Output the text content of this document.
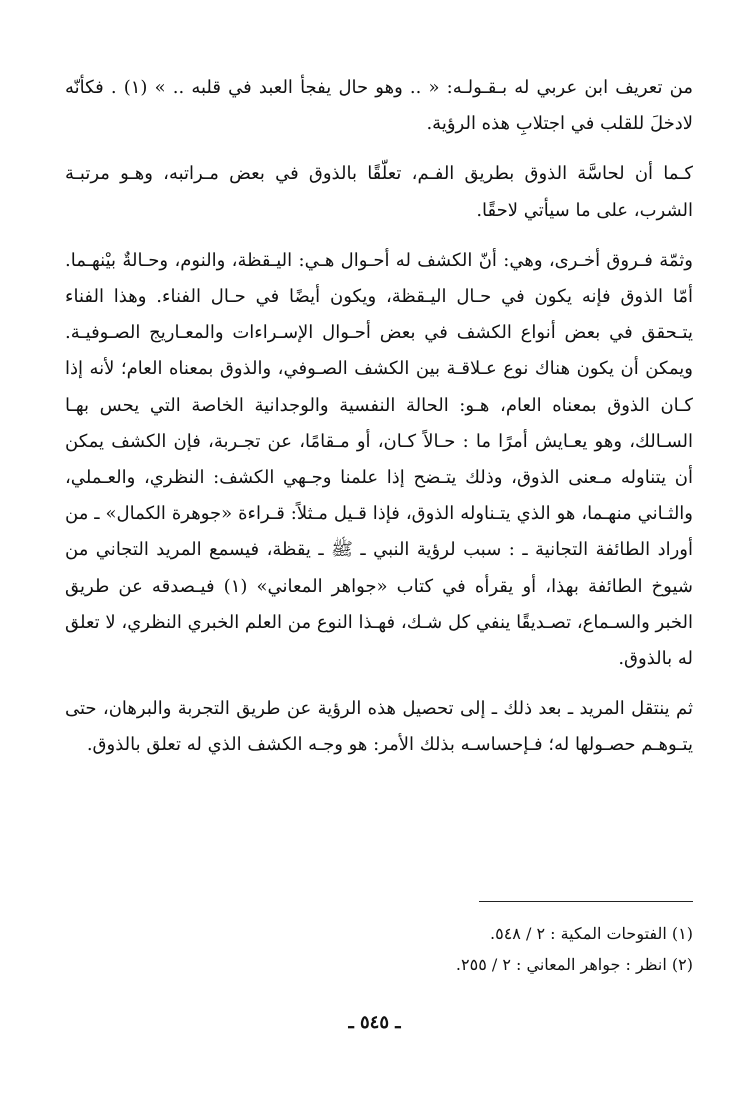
من تعريف ابن عربي له بـقـولـه: « .. وهو حال يفجأ العبد في قلبه .. » (١) . فكأنّه لادخلَ للقلب في اجتلابِ هذه الرؤية.

كـما أن لحاسَّة الذوق بطريق الفـم، تعلّقًا بالذوق في بعض مـراتبه، وهـو مرتبـة الشرب، على ما سيأتي لاحقًا.

وثمّة فـروق أخـرى، وهي: أنّ الكشف له أحـوال هـي: اليـقظة، والنوم، وحـالةٌ بيْنهـما. أمّا الذوق فإنه يكون في حـال اليـقظة، ويكون أيضًا في حـال الفناء. وهذا الفناء يتـحقق في بعض أنواع الكشف في بعض أحـوال الإسـراءات والمعـاريج الصـوفيـة. ويمكن أن يكون هناك نوع عـلاقـة بين الكشف الصـوفي، والذوق بمعناه العام؛ لأنه إذا كـان الذوق بمعناه العام، هـو: الحالة النفسية والوجدانية الخاصة التي يحس بهـا السـالك، وهو يعـايش أمرًا ما : حـالاً كـان، أو مـقامًا، عن تجـربة، فإن الكشف يمكن أن يتناوله مـعنى الذوق، وذلك يتـضح إذا علمنا وجـهي الكشف: النظري، والعـملي، والثـاني منهـما، هو الذي يتـناوله الذوق، فإذا قـيل مـثلاً: قـراءة «جوهرة الكمال» ـ من أوراد الطائفة التجانية ـ : سبب لرؤية النبي ـ ﷺ ـ يقظة، فيسمع المريد التجاني من شيوخ الطائفة بهذا، أو يقرأه في كتاب «جواهر المعاني» (١) فيـصدقه عن طريق الخبر والسـماع، تصـديقًا ينفي كل شـك، فهـذا النوع من العلم الخبري النظري، لا تعلق له بالذوق.

ثم ينتقل المريد ـ بعد ذلك ـ إلى تحصيل هذه الرؤية عن طريق التجربة والبرهان، حتى يتـوهـم حصـولها له؛ فـإحساسـه بذلك الأمر: هو وجـه الكشف الذي له تعلق بالذوق.

(١) الفتوحات المكية : ٢ / ٥٤٨.

(٢) انظر : جواهر المعاني : ٢ / ٢٥٥.

ـ ٥٤٥ ـ
